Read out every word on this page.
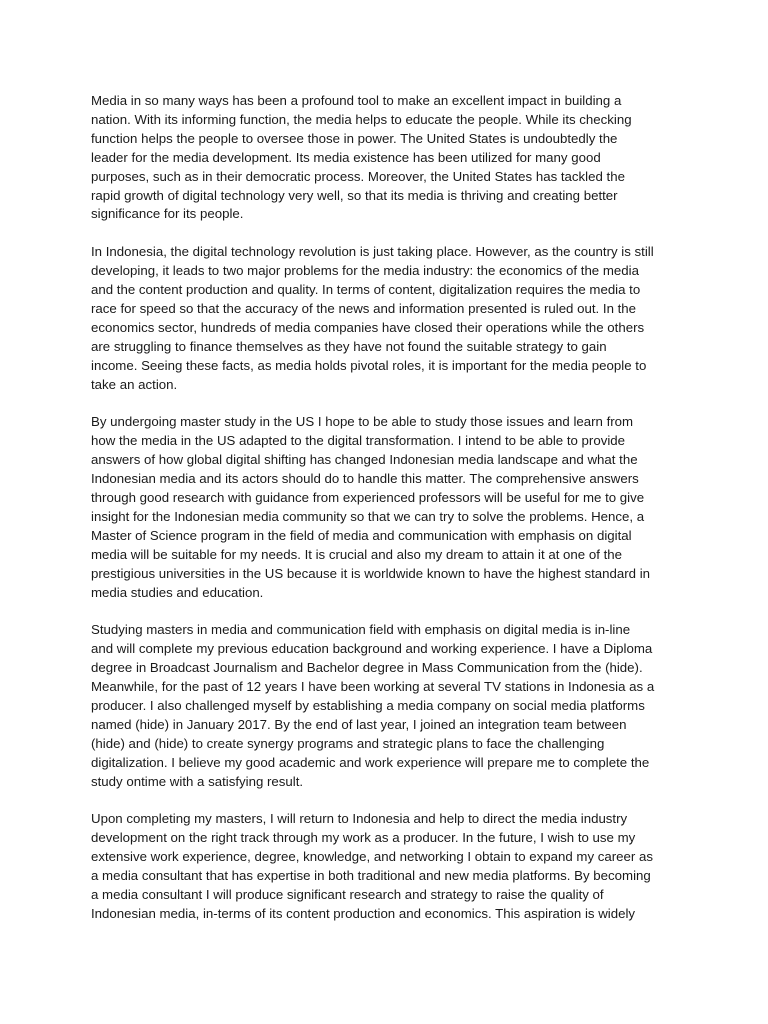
Media in so many ways has been a profound tool to make an excellent impact in building a
nation. With its informing function, the media helps to educate the people. While its checking
function helps the people to oversee those in power. The United States is undoubtedly the
leader for the media development. Its media existence has been utilized for many good
purposes, such as in their democratic process. Moreover, the United States has tackled the
rapid growth of digital technology very well, so that its media is thriving and creating better
significance for its people.

In Indonesia, the digital technology revolution is just taking place. However, as the country is still
developing, it leads to two major problems for the media industry: the economics of the media
and the content production and quality. In terms of content, digitalization requires the media to
race for speed so that the accuracy of the news and information presented is ruled out. In the
economics sector, hundreds of media companies have closed their operations while the others
are struggling to finance themselves as they have not found the suitable strategy to gain
income. Seeing these facts, as media holds pivotal roles, it is important for the media people to
take an action.

By undergoing master study in the US I hope to be able to study those issues and learn from
how the media in the US adapted to the digital transformation. I intend to be able to provide
answers of how global digital shifting has changed Indonesian media landscape and what the
Indonesian media and its actors should do to handle this matter. The comprehensive answers
through good research with guidance from experienced professors will be useful for me to give
insight for the Indonesian media community so that we can try to solve the problems. Hence, a
Master of Science program in the field of media and communication with emphasis on digital
media will be suitable for my needs. It is crucial and also my dream to attain it at one of the
prestigious universities in the US because it is worldwide known to have the highest standard in
media studies and education.

Studying masters in media and communication field with emphasis on digital media is in-line
and will complete my previous education background and working experience. I have a Diploma
degree in Broadcast Journalism and Bachelor degree in Mass Communication from the (hide).
Meanwhile, for the past of 12 years I have been working at several TV stations in Indonesia as a
producer. I also challenged myself by establishing a media company on social media platforms
named (hide) in January 2017. By the end of last year, I joined an integration team between
(hide) and (hide) to create synergy programs and strategic plans to face the challenging
digitalization. I believe my good academic and work experience will prepare me to complete the
study ontime with a satisfying result.

Upon completing my masters, I will return to Indonesia and help to direct the media industry
development on the right track through my work as a producer. In the future, I wish to use my
extensive work experience, degree, knowledge, and networking I obtain to expand my career as
a media consultant that has expertise in both traditional and new media platforms. By becoming
a media consultant I will produce significant research and strategy to raise the quality of
Indonesian media, in-terms of its content production and economics. This aspiration is widely
